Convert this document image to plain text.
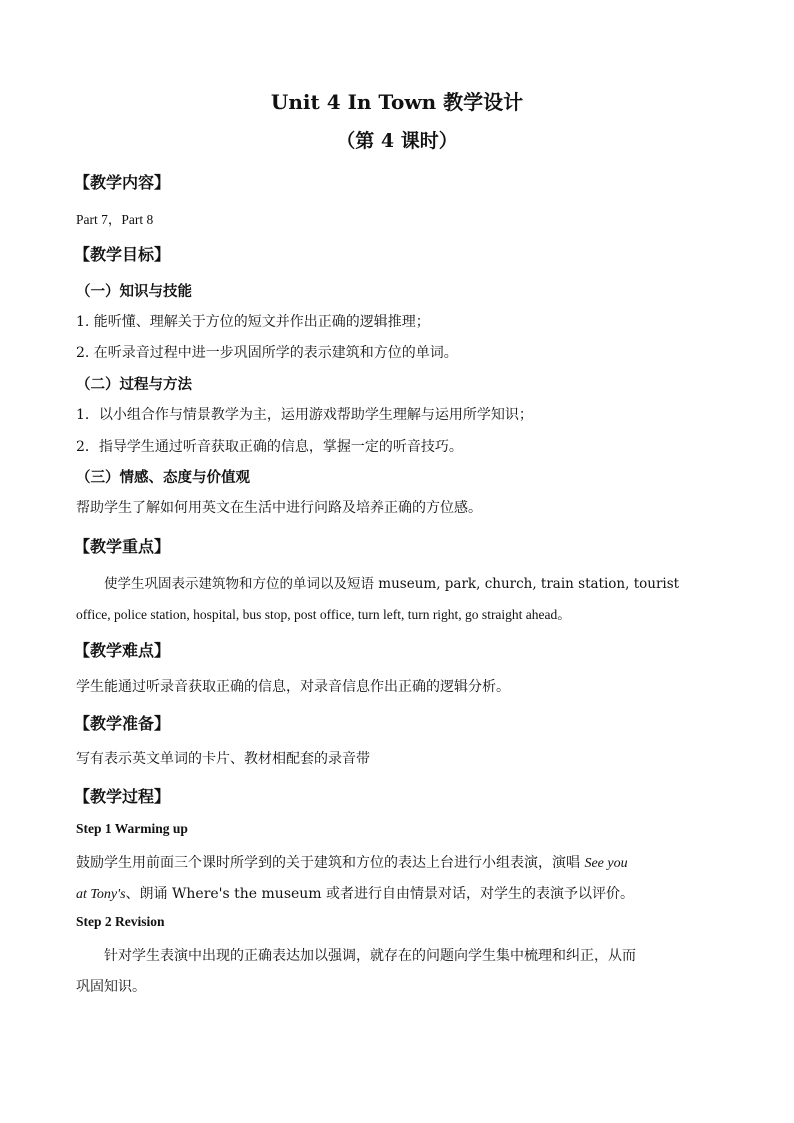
Unit 4 In Town 教学设计
（第 4 课时）
【教学内容】
Part 7，Part 8
【教学目标】
（一）知识与技能
1. 能听懂、理解关于方位的短文并作出正确的逻辑推理；
2. 在听录音过程中进一步巩固所学的表示建筑和方位的单词。
（二）过程与方法
1．以小组合作与情景教学为主，运用游戏帮助学生理解与运用所学知识；
2．指导学生通过听音获取正确的信息，掌握一定的听音技巧。
（三）情感、态度与价值观
帮助学生了解如何用英文在生活中进行问路及培养正确的方位感。
【教学重点】
使学生巩固表示建筑物和方位的单词以及短语 museum, park, church, train station, tourist
office, police station, hospital, bus stop, post office, turn left, turn right, go straight ahead。
【教学难点】
学生能通过听录音获取正确的信息，对录音信息作出正确的逻辑分析。
【教学准备】
写有表示英文单词的卡片、教材相配套的录音带
【教学过程】
Step 1 Warming up
鼓励学生用前面三个课时所学到的关于建筑和方位的表达上台进行小组表演，演唱 See you
at Tony's、朗诵 Where's the museum 或者进行自由情景对话，对学生的表演予以评价。
Step 2 Revision
针对学生表演中出现的正确表达加以强调，就存在的问题向学生集中梳理和纠正，从而
巩固知识。
